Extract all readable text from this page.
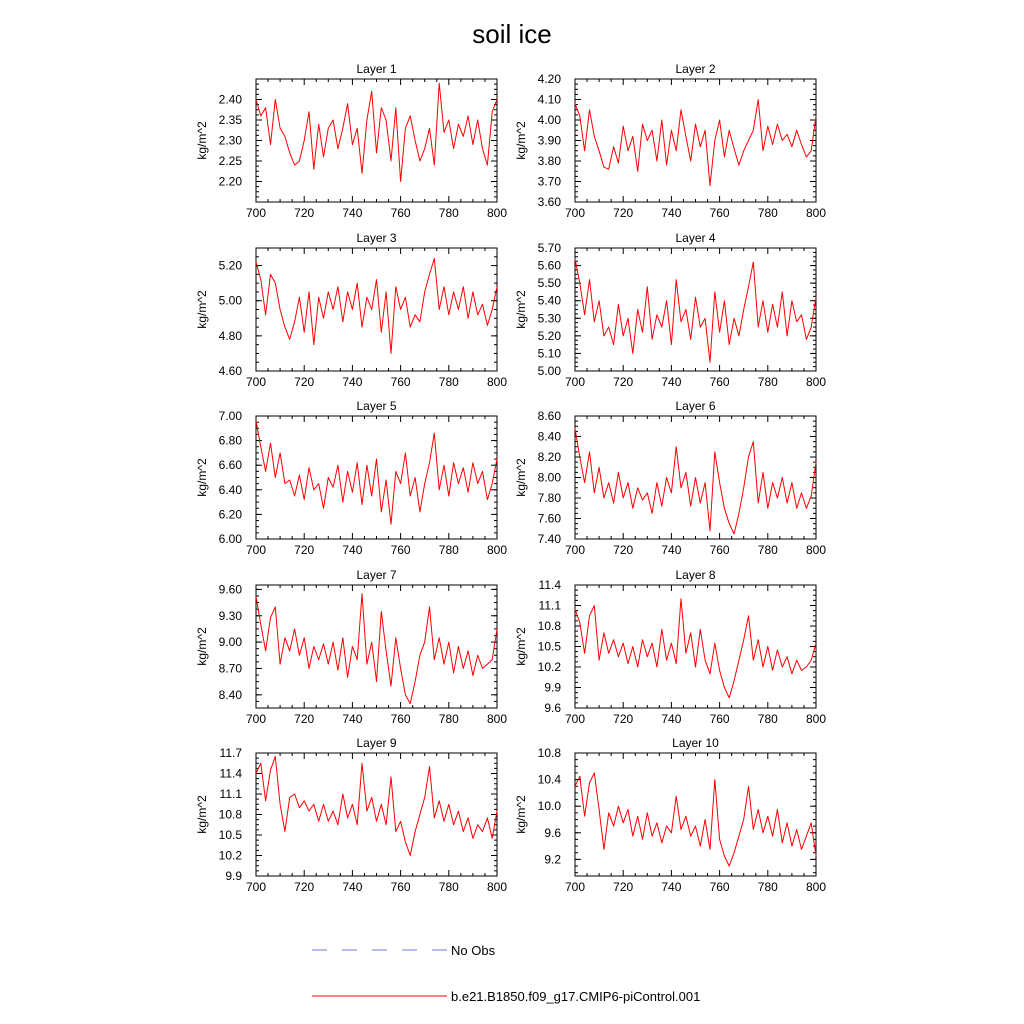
soil ice
Layer 1
kg/m^2
700 720 740 760 780 800
2.20
2.25
2.30
2.35
2.40
Layer 2
kg/m^2
700 720 740 760 780 800
3.60
3.70
3.80
3.90
4.00
4.10
4.20
Layer 3
kg/m^2
700 720 740 760 780 800
4.60
4.80
5.00
5.20
Layer 4
kg/m^2
700 720 740 760 780 800
5.00
5.10
5.20
5.30
5.40
5.50
5.60
5.70
Layer 5
kg/m^2
700 720 740 760 780 800
6.00
6.20
6.40
6.60
6.80
7.00
Layer 6
kg/m^2
700 720 740 760 780 800
7.40
7.60
7.80
8.00
8.20
8.40
8.60
Layer 7
kg/m^2
700 720 740 760 780 800
8.40
8.70
9.00
9.30
9.60
Layer 8
kg/m^2
700 720 740 760 780 800
9.6
9.9
10.2
10.5
10.8
11.1
11.4
Layer 9
kg/m^2
700 720 740 760 780 800
9.9
10.2
10.5
10.8
11.1
11.4
11.7
Layer 10
kg/m^2
700 720 740 760 780 800
9.2
9.6
10.0
10.4
10.8
No Obs
b.e21.B1850.f09_g17.CMIP6-piControl.001
